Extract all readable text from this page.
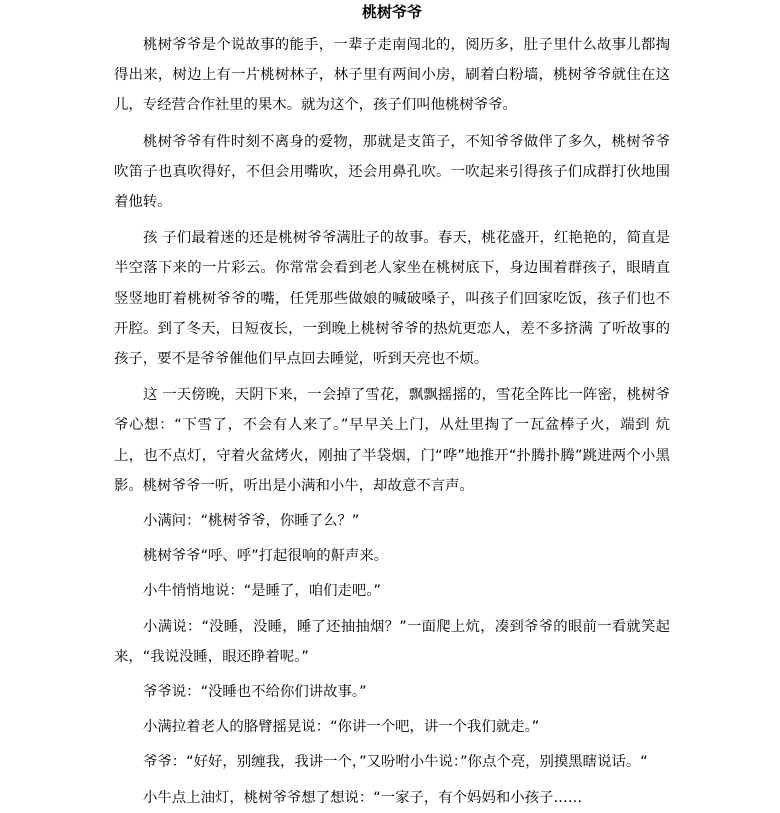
桃树爷爷

桃树爷爷是个说故事的能手，一辈子走南闯北的，阅历多，肚子里什么故事儿都掏得出来，树边上有一片桃树林子，林子里有两间小房，刷着白粉墙，桃树爷爷就住在这儿，专经营合作社里的果木。就为这个，孩子们叫他桃树爷爷。

桃树爷爷有件时刻不离身的爱物，那就是支笛子，不知爷爷做伴了多久，桃树爷爷吹笛子也真吹得好，不但会用嘴吹，还会用鼻孔吹。一吹起来引得孩子们成群打伙地围着他转。

孩 子们最着迷的还是桃树爷爷满肚子的故事。春天，桃花盛开，红艳艳的，简直是半空落下来的一片彩云。你常常会看到老人家坐在桃树底下，身边围着群孩子，眼睛直竖竖地盯着桃树爷爷的嘴，任凭那些做娘的喊破嗓子，叫孩子们回家吃饭，孩子们也不开腔。到了冬天，日短夜长，一到晚上桃树爷爷的热炕更恋人，差不多挤满 了听故事的孩子，要不是爷爷催他们早点回去睡觉，听到天亮也不烦。

这 一天傍晚，天阴下来，一会掉了雪花，飘飘摇摇的，雪花全阵比一阵密，桃树爷爷心想：“下雪了，不会有人来了。”早早关上门，从灶里掏了一瓦盆棒子火，端到 炕上，也不点灯，守着火盆烤火，刚抽了半袋烟，门“哗”地推开“扑腾扑腾”跳进两个小黑影。桃树爷爷一听，听出是小满和小牛，却故意不言声。

小满问：“桃树爷爷，你睡了么？”

桃树爷爷“呼、呼”打起很响的鼾声来。

小牛悄悄地说：“是睡了，咱们走吧。”

小满说：“没睡，没睡，睡了还抽抽烟？”一面爬上炕，凑到爷爷的眼前一看就笑起来，“我说没睡，眼还睁着呢。”

爷爷说：“没睡也不给你们讲故事。”

小满拉着老人的胳臂摇晃说：“你讲一个吧，讲一个我们就走。”

爷爷：“好好，别缠我，我讲一个，”又吩咐小牛说：”你点个亮，别摸黑瞎说话。“

小牛点上油灯，桃树爷爷想了想说：“一家子，有个妈妈和小孩子……
